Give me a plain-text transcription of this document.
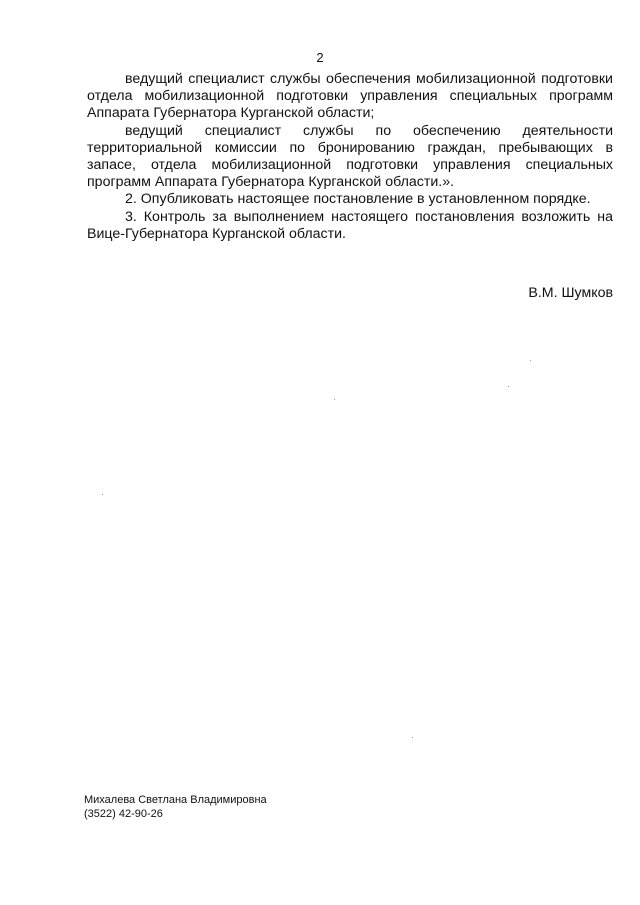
2

ведущий специалист службы обеспечения мобилизационной подготовки отдела мобилизационной подготовки управления специальных программ Аппарата Губернатора Курганской области;

ведущий специалист службы по обеспечению деятельности территориальной комиссии по бронированию граждан, пребывающих в запасе, отдела мобилизационной подготовки управления специальных программ Аппарата Губернатора Курганской области.».

2. Опубликовать настоящее постановление в установленном порядке.

3. Контроль за выполнением настоящего постановления возложить на Вице-Губернатора Курганской области.

В.М. Шумков
Михалева Светлана Владимировна
(3522) 42-90-26
